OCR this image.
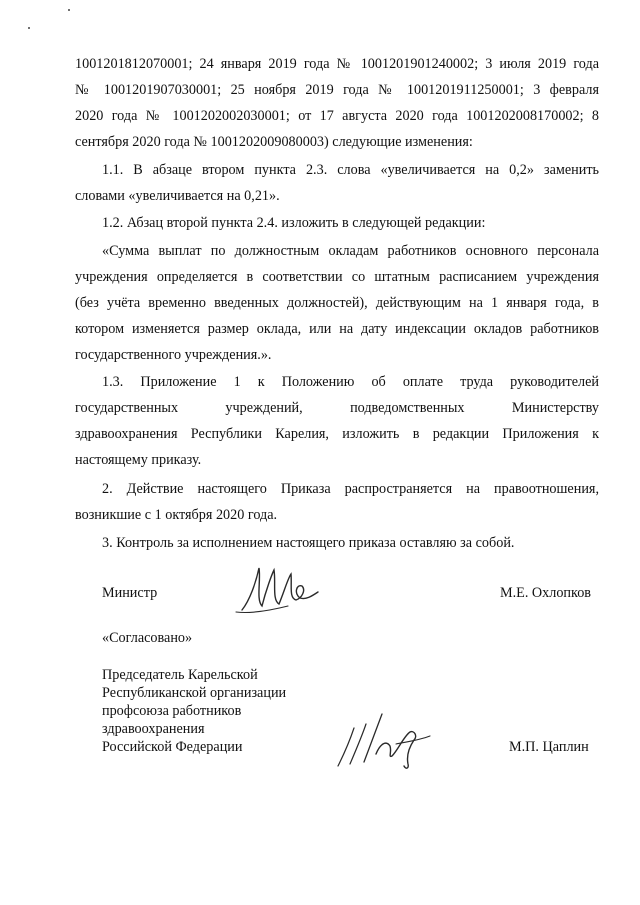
1001201812070001; 24 января 2019 года № 1001201901240002; 3 июля 2019 года
№ 1001201907030001; 25 ноября 2019 года № 1001201911250001; 3 февраля
2020 года № 1001202002030001; от 17 августа 2020 года 1001202008170002; 8
сентября 2020 года № 1001202009080003) следующие изменения:
1.1. В абзаце втором пункта 2.3. слова «увеличивается на 0,2» заменить
словами «увеличивается на 0,21».
1.2. Абзац второй пункта 2.4. изложить в следующей редакции:
«Сумма выплат по должностным окладам работников основного персонала
учреждения определяется в соответствии со штатным расписанием учреждения
(без учёта временно введенных должностей), действующим на 1 января года, в
котором изменяется размер оклада, или на дату индексации окладов работников
государственного учреждения.».
1.3. Приложение 1 к Положению об оплате труда руководителей
государственных учреждений, подведомственных Министерству
здравоохранения Республики Карелия, изложить в редакции Приложения к
настоящему приказу.
2. Действие настоящего Приказа распространяется на правоотношения,
возникшие с 1 октября 2020 года.
3. Контроль за исполнением настоящего приказа оставляю за собой.
Министр	М.Е. Охлопков
«Согласовано»
Председатель Карельской
Республиканской организации
профсоюза работников
здравоохранения
Российской Федерации	М.П. Цаплин
